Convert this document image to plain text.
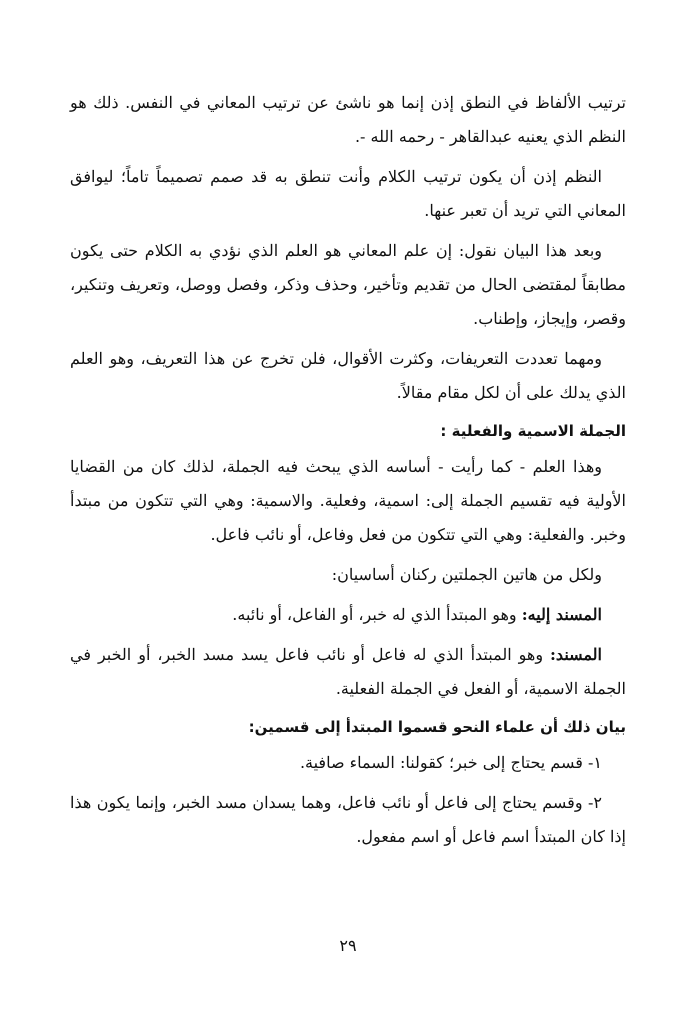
ترتيب الألفاظ في النطق إذن إنما هو ناشئ عن ترتيب المعاني في النفس. ذلك هو النظم الذي يعنيه عبدالقاهر - رحمه الله -.

النظم إذن أن يكون ترتيب الكلام وأنت تنطق به قد صمم تصميماً تاماً؛ ليوافق المعاني التي تريد أن تعبر عنها.

وبعد هذا البيان نقول: إن علم المعاني هو العلم الذي نؤدي به الكلام حتى يكون مطابقاً لمقتضى الحال من تقديم وتأخير، وحذف وذكر، وفصل ووصل، وتعريف وتنكير، وقصر، وإيجاز، وإطناب.

ومهما تعددت التعريفات، وكثرت الأقوال، فلن تخرج عن هذا التعريف، وهو العلم الذي يدلك على أن لكل مقام مقالاً.

الجملة الاسمية والفعلية :

وهذا العلم - كما رأيت - أساسه الذي يبحث فيه الجملة، لذلك كان من القضايا الأولية فيه تقسيم الجملة إلى: اسمية، وفعلية. والاسمية: وهي التي تتكون من مبتدأ وخبر. والفعلية: وهي التي تتكون من فعل وفاعل، أو نائب فاعل.

ولكل من هاتين الجملتين ركنان أساسيان:

المسند إليه: وهو المبتدأ الذي له خبر، أو الفاعل، أو نائبه.

المسند: وهو المبتدأ الذي له فاعل أو نائب فاعل يسد مسد الخبر، أو الخبر في الجملة الاسمية، أو الفعل في الجملة الفعلية.

بيان ذلك أن علماء النحو قسموا المبتدأ إلى قسمين:

١- قسم يحتاج إلى خبر؛ كقولنا: السماء صافية.

٢- وقسم يحتاج إلى فاعل أو نائب فاعل، وهما يسدان مسد الخبر، وإنما يكون هذا إذا كان المبتدأ اسم فاعل أو اسم مفعول.

٢٩
